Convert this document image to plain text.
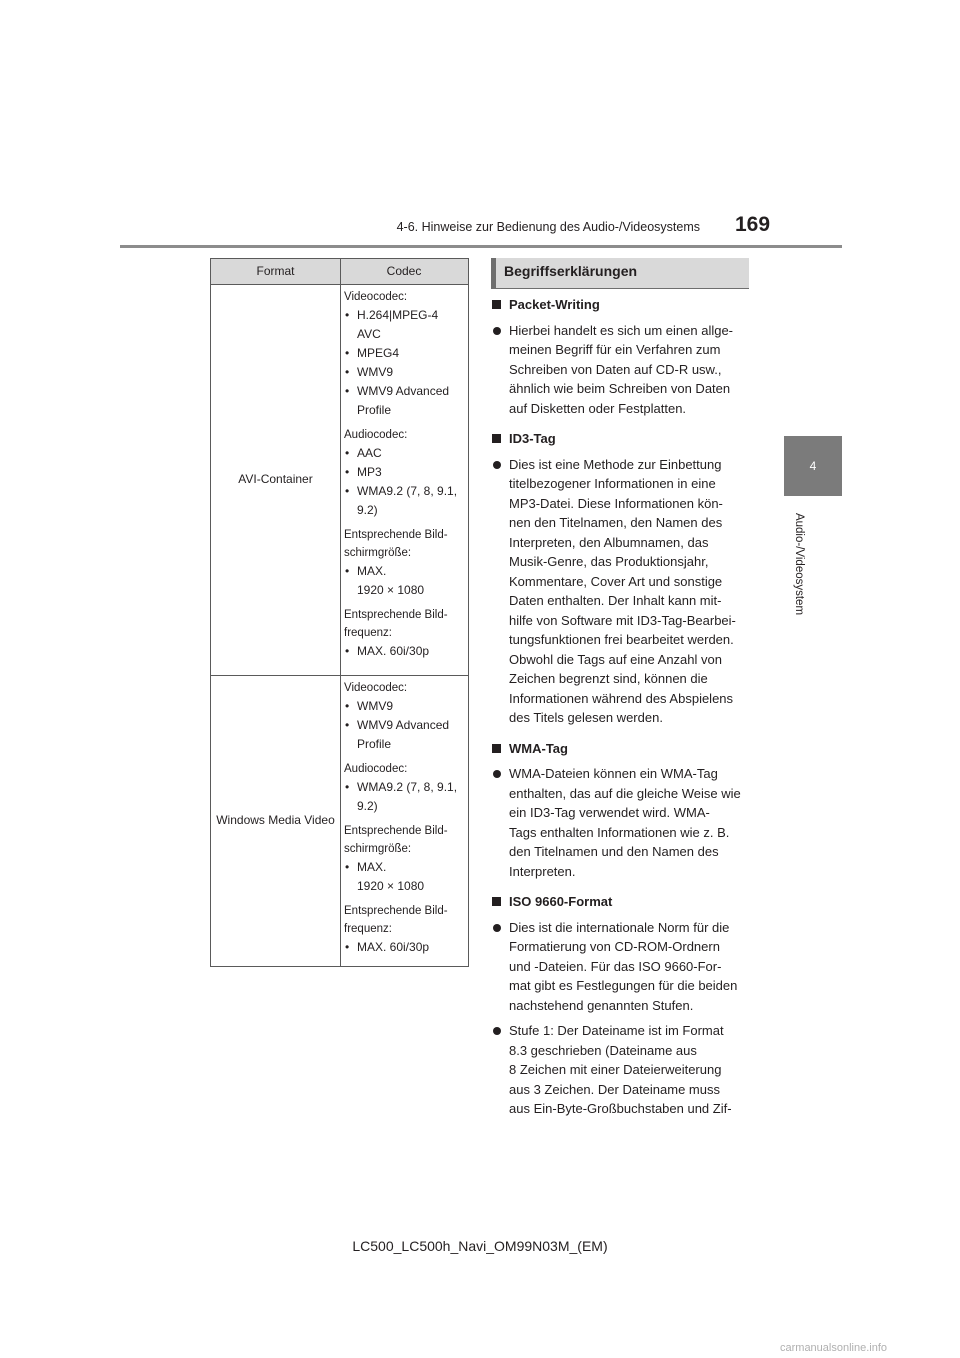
4-6. Hinweise zur Bedienung des Audio-/Videosystems 169
4
Audio-/Videosystem
Format	Codec
AVI-Container
Videocodec:
• H.264|MPEG-4
AVC
• MPEG4
• WMV9
• WMV9 Advanced
Profile
Audiocodec:
• AAC
• MP3
• WMA9.2 (7, 8, 9.1,
9.2)
Entsprechende Bild-
schirmgröße:
• MAX.
1920 × 1080
Entsprechende Bild-
frequenz:
• MAX. 60i/30p
Windows Media Video
Videocodec:
• WMV9
• WMV9 Advanced
Profile
Audiocodec:
• WMA9.2 (7, 8, 9.1,
9.2)
Entsprechende Bild-
schirmgröße:
• MAX.
1920 × 1080
Entsprechende Bild-
frequenz:
• MAX. 60i/30p
Begriffserklärungen
Packet-Writing
Hierbei handelt es sich um einen allge-
meinen Begriff für ein Verfahren zum
Schreiben von Daten auf CD-R usw.,
ähnlich wie beim Schreiben von Daten
auf Disketten oder Festplatten.
ID3-Tag
Dies ist eine Methode zur Einbettung
titelbezogener Informationen in eine
MP3-Datei. Diese Informationen kön-
nen den Titelnamen, den Namen des
Interpreten, den Albumnamen, das
Musik-Genre, das Produktionsjahr,
Kommentare, Cover Art und sonstige
Daten enthalten. Der Inhalt kann mit-
hilfe von Software mit ID3-Tag-Bearbei-
tungsfunktionen frei bearbeitet werden.
Obwohl die Tags auf eine Anzahl von
Zeichen begrenzt sind, können die
Informationen während des Abspielens
des Titels gelesen werden.
WMA-Tag
WMA-Dateien können ein WMA-Tag
enthalten, das auf die gleiche Weise wie
ein ID3-Tag verwendet wird. WMA-
Tags enthalten Informationen wie z. B.
den Titelnamen und den Namen des
Interpreten.
ISO 9660-Format
Dies ist die internationale Norm für die
Formatierung von CD-ROM-Ordnern
und -Dateien. Für das ISO 9660-For-
mat gibt es Festlegungen für die beiden
nachstehend genannten Stufen.
Stufe 1: Der Dateiname ist im Format
8.3 geschrieben (Dateiname aus
8 Zeichen mit einer Dateierweiterung
aus 3 Zeichen. Der Dateiname muss
aus Ein-Byte-Großbuchstaben und Zif-
LC500_LC500h_Navi_OM99N03M_(EM)
carmanualsonline.info
